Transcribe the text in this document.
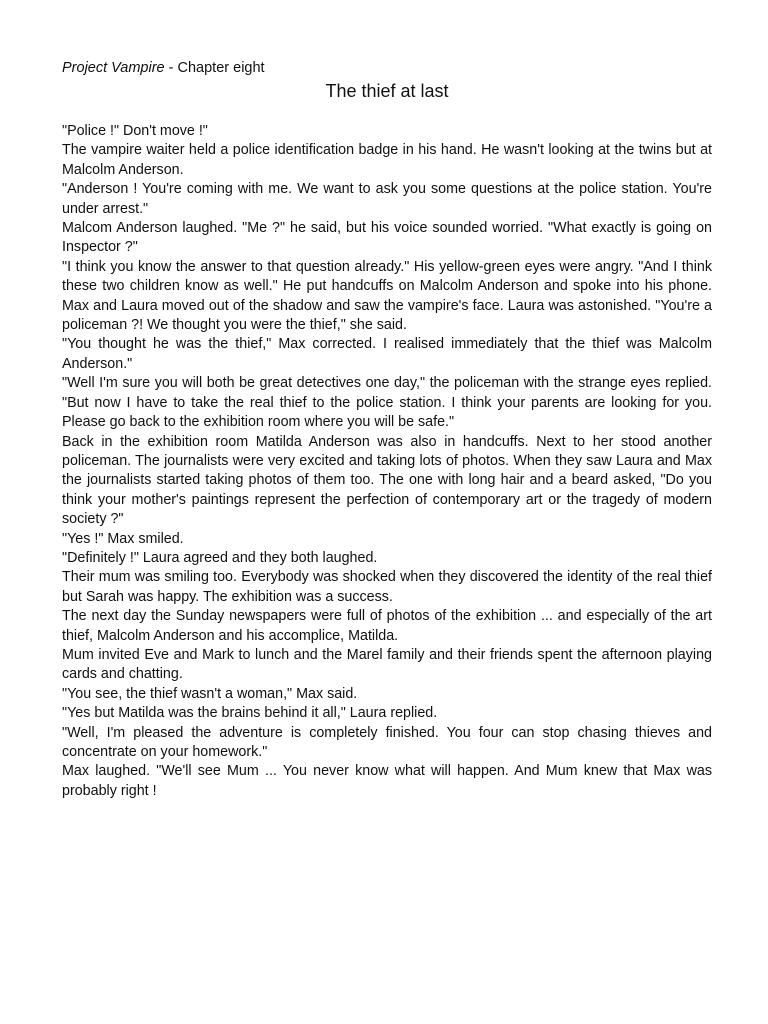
Project Vampire - Chapter eight
The thief at last

"Police !" Don't move !"

The vampire waiter held a police identification badge in his hand. He wasn't looking at the twins but at Malcolm Anderson.

"Anderson ! You're coming with me. We want to ask you some questions at the police station. You're under arrest."

Malcom Anderson laughed. "Me ?" he said, but his voice sounded worried. "What exactly is going on Inspector ?"

"I think you know the answer to that question already." His yellow-green eyes were angry. "And I think these two children know as well." He put handcuffs on Malcolm Anderson and spoke into his phone. Max and Laura moved out of the shadow and saw the vampire's face. Laura was astonished. "You're a policeman ?! We thought you were the thief," she said.

"You thought he was the thief," Max corrected. I realised immediately that the thief was Malcolm Anderson."

"Well I'm sure you will both be great detectives one day," the policeman with the strange eyes replied. "But now I have to take the real thief to the police station. I think your parents are looking for you. Please go back to the exhibition room where you will be safe."

Back in the exhibition room Matilda Anderson was also in handcuffs. Next to her stood another policeman. The journalists were very excited and taking lots of photos. When they saw Laura and Max the journalists started taking photos of them too. The one with long hair and a beard asked, "Do you think your mother's paintings represent the perfection of contemporary art or the tragedy of modern society ?"

"Yes !" Max smiled.

"Definitely !" Laura agreed and they both laughed.

Their mum was smiling too. Everybody was shocked when they discovered the identity of the real thief but Sarah was happy. The exhibition was a success.

The next day the Sunday newspapers were full of photos of the exhibition ... and especially of the art thief, Malcolm Anderson and his accomplice, Matilda.

Mum invited Eve and Mark to lunch and the Marel family and their friends spent the afternoon playing cards and chatting.

"You see, the thief wasn't a woman," Max said.

"Yes but Matilda was the brains behind it all," Laura replied.

"Well, I'm pleased the adventure is completely finished. You four can stop chasing thieves and concentrate on your homework."

Max laughed. "We'll see Mum ... You never know what will happen. And Mum knew that Max was probably right !
